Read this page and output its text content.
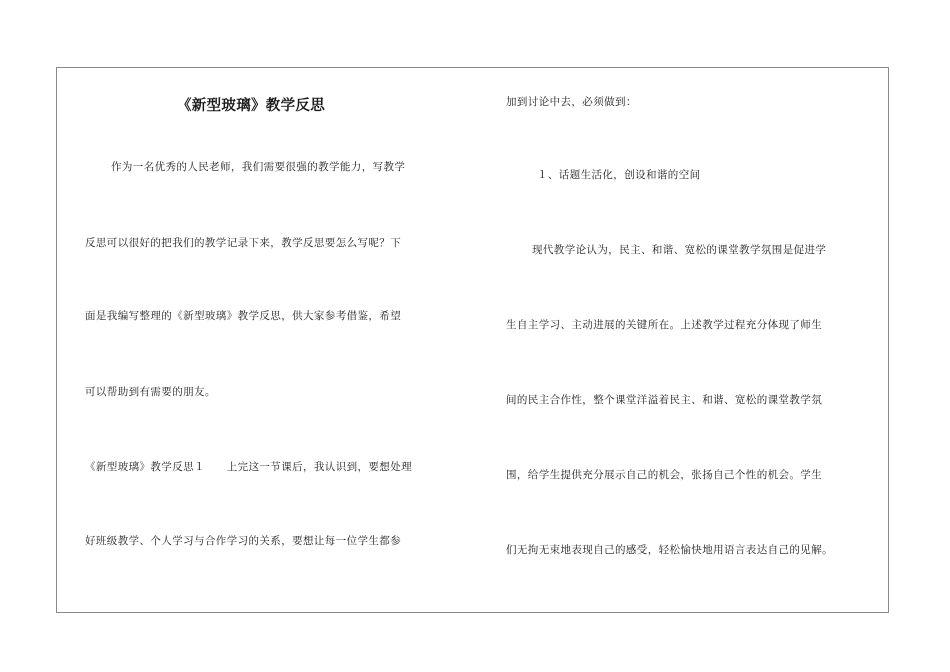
《新型玻璃》教学反思
作为一名优秀的人民老师，我们需要很强的教学能力，写教学
反思可以很好的把我们的教学记录下来，教学反思要怎么写呢？下
面是我编写整理的《新型玻璃》教学反思，供大家参考借鉴，希望
可以帮助到有需要的朋友。
《新型玻璃》教学反思１　　上完这一节课后，我认识到，要想处理
好班级教学、个人学习与合作学习的关系，要想让每一位学生都参
加到讨论中去，必须做到：
１、话题生活化，创设和谐的空间
现代教学论认为，民主、和谐、宽松的课堂教学氛围是促进学
生自主学习、主动进展的关键所在。上述教学过程充分体现了师生
间的民主合作性，整个课堂洋溢着民主、和谐、宽松的课堂教学氛
围，给学生提供充分展示自己的机会，张扬自己个性的机会。学生
们无拘无束地表现自己的感受，轻松愉快地用语言表达自己的见解。
